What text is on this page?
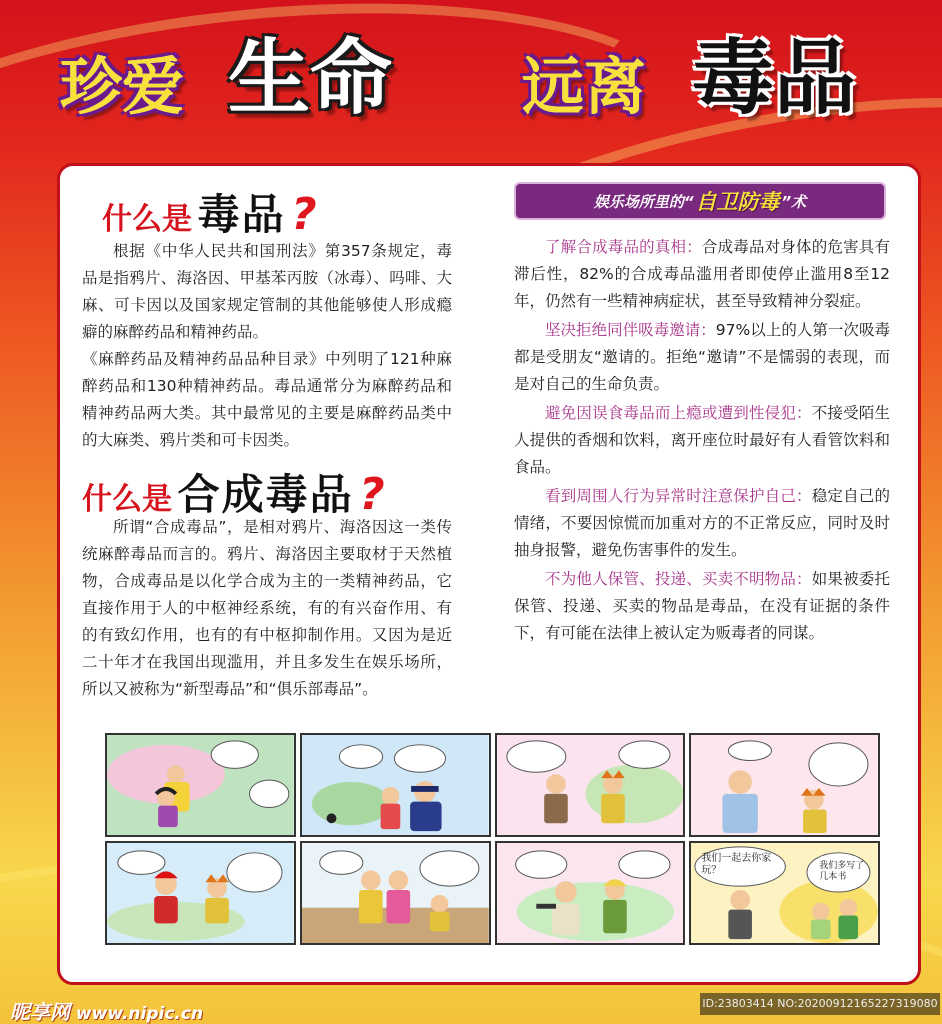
珍爱 生命 远离 毒品
什么是 毒品 ?

根据《中华人民共和国刑法》第357条规定，毒品是指鸦片、海洛因、甲基苯丙胺（冰毒）、吗啡、大麻、可卡因以及国家规定管制的其他能够使人形成瘾癖的麻醉药品和精神药品。

《麻醉药品及精神药品品种目录》中列明了121种麻醉药品和130种精神药品。毒品通常分为麻醉药品和精神药品两大类。其中最常见的主要是麻醉药品类中的大麻类、鸦片类和可卡因类。

什么是 合成毒品 ?

所谓“合成毒品”，是相对鸦片、海洛因这一类传统麻醉毒品而言的。鸦片、海洛因主要取材于天然植物，合成毒品是以化学合成为主的一类精神药品，它直接作用于人的中枢神经系统，有的有兴奋作用、有的有致幻作用，也有的有中枢抑制作用。又因为是近二十年才在我国出现滥用，并且多发生在娱乐场所，所以又被称为“新型毒品”和“俱乐部毒品”。

娱乐场所里的“ 自卫防毒 ”术
了解合成毒品的真相：合成毒品对身体的危害具有滞后性，82%的合成毒品滥用者即使停止滥用8至12年，仍然有一些精神病症状，甚至导致精神分裂症。
坚决拒绝同伴吸毒邀请：97%以上的人第一次吸毒都是受朋友“邀请的。拒绝“邀请”不是懦弱的表现，而是对自己的生命负责。
避免因误食毒品而上瘾或遭到性侵犯：不接受陌生人提供的香烟和饮料，离开座位时最好有人看管饮料和食品。
看到周围人行为异常时注意保护自己：稳定自己的情绪，不要因惊慌而加重对方的不正常反应，同时及时抽身报警，避免伤害事件的发生。
不为他人保管、投递、买卖不明物品：如果被委托保管、投递、买卖的物品是毒品，在没有证据的条件下，有可能在法律上被认定为贩毒者的同谋。
我们一起去你家玩？	我们多写了几本书
昵享网 www.nipic.cn
ID:23803414 NO:20200912165227319080
